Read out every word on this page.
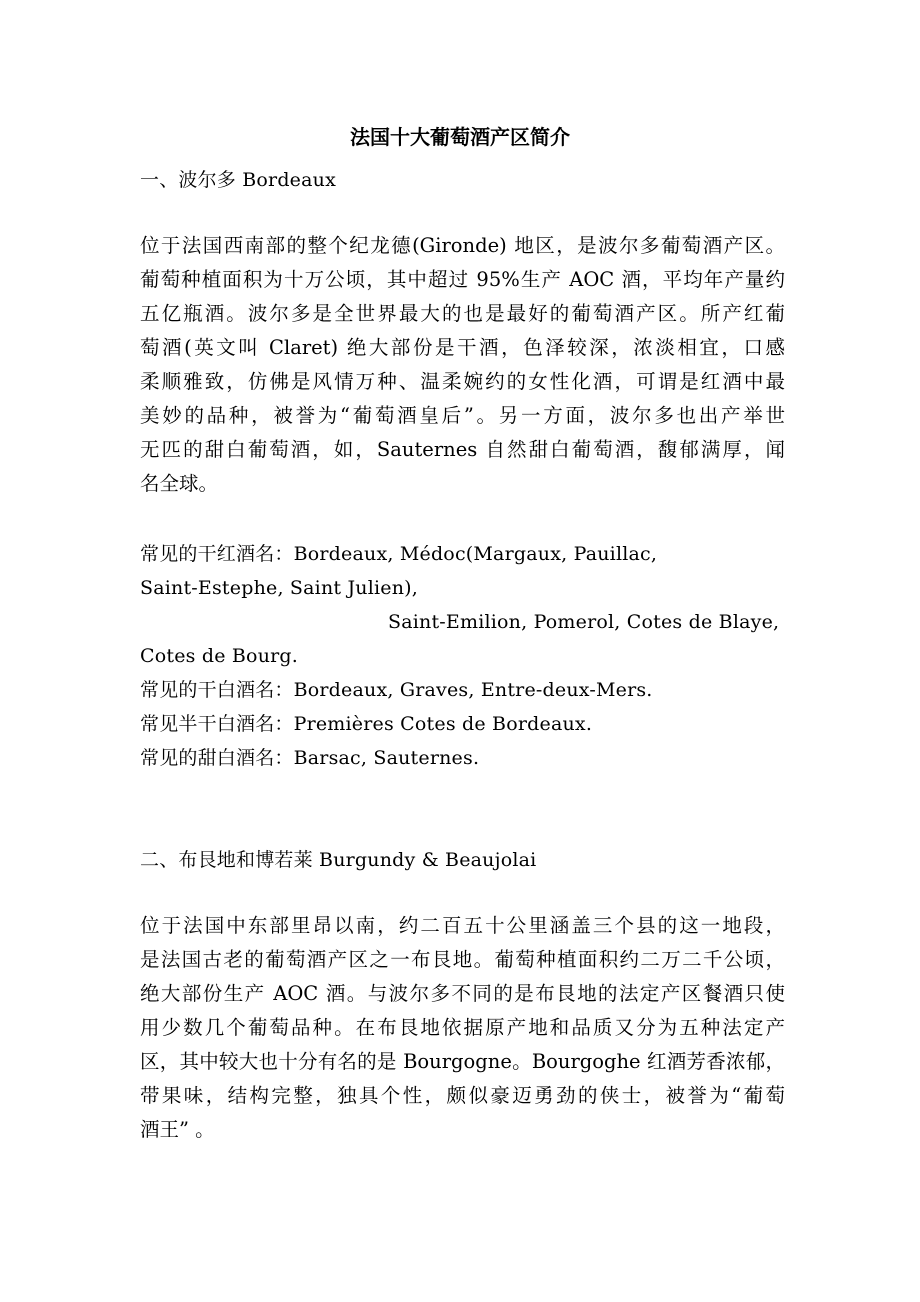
法国十大葡萄酒产区简介
一、波尔多 Bordeaux
位于法国西南部的整个纪龙德(Gironde) 地区，是波尔多葡萄酒产区。
葡萄种植面积为十万公顷，其中超过 95%生产 AOC 酒，平均年产量约
五亿瓶酒。波尔多是全世界最大的也是最好的葡萄酒产区。所产红葡
萄酒(英文叫 Claret) 绝大部份是干酒，色泽较深，浓淡相宜，口感
柔顺雅致，仿佛是风情万种、温柔婉约的女性化酒，可谓是红酒中最
美妙的品种，被誉为“葡萄酒皇后”。另一方面，波尔多也出产举世
无匹的甜白葡萄酒，如，Sauternes 自然甜白葡萄酒，馥郁满厚，闻
名全球。
常见的干红酒名：Bordeaux, Médoc(Margaux, Pauillac,
Saint-Estephe, Saint Julien),
Saint-Emilion, Pomerol, Cotes de Blaye,
Cotes de Bourg.
常见的干白酒名：Bordeaux, Graves, Entre-deux-Mers.
常见半干白酒名：Premières Cotes de Bordeaux.
常见的甜白酒名：Barsac, Sauternes.
二、布艮地和博若莱 Burgundy & Beaujolai
位于法国中东部里昂以南，约二百五十公里涵盖三个县的这一地段，
是法国古老的葡萄酒产区之一布艮地。葡萄种植面积约二万二千公顷，
绝大部份生产 AOC 酒。与波尔多不同的是布艮地的法定产区餐酒只使
用少数几个葡萄品种。在布艮地依据原产地和品质又分为五种法定产
区，其中较大也十分有名的是 Bourgogne。Bourgoghe 红酒芳香浓郁，
带果味，结构完整，独具个性，颇似豪迈勇劲的侠士，被誉为“葡萄
酒王” 。
